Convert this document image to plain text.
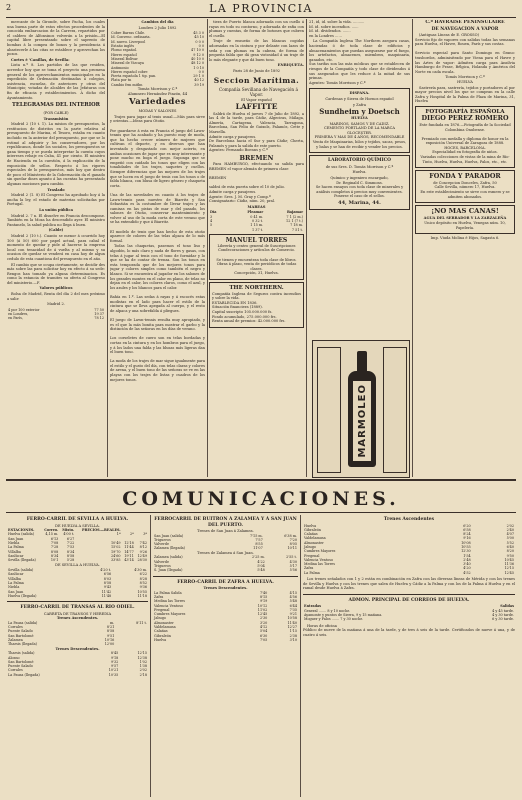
2	LA PROVINCIA

mercante de la Gironde, sobre Pacha, los cuales una buena parte de estos efectos procedentes de la conocida embarcacion de la Carrera, repartidos por el caldero de Alfonsinos volverán a la prisión—El capital libre presentando sobre el saprento de bombas á la compra de bonos y la presidencia á abastecerle á las citas se establece y aprovechan los pozos.

Cortes é 'Canillas, de Sevilla:

Lista n.º 8. Los partidos de las que residen, acreedor hoy que se toma el proyecto una promesa general de los aprovechamientos municipales en la expedición de Ordenación destinadas á colegios, asistencia, escuelas, de anteriores y otras del Municipio; votadas de alcaldes de las Jefaturas con fin de eficacia y establecimientos. Á dicho del Ayuntamiento.

TELEGRAMAS DEL INTERIOR

(POR CABLE)

Transmisión

Madrid 2 (10 t. 1). La mision de presupuestos, la restitucion de distritos en la parte relativa al presupuesto de Marina, el Tesoro, estaba en cuanto incluido en la anterior del presupuesto, por que se lo estimó al adquirir y los conservadores, por los republicanos, donde los sociales, los presupuestos se gana tiempo y se pueda interpretar la cuenta cuyos intereses rebaje en Cuba, 41 por ciento. El ministro de Hacienda en la cuestión, á la explicación de la exposición de sellos. Respecto á los rigores especiales de lo presupuestos, más hoy que dentro de poco el Ministerio de la Gobernación da el ganado sin quedar dines apunto á las cuentas ha presentado algunas mociones para cambio.

Traslado

Madrid 2 (1. 8) El Congreso ha aprobado hoy á la ancha la ley, el estado de materias solicitadas por Portugal.

La unión pública

Madrid 2. 7 n. El disuelve en Francia descompone. También en la Moza ha descendido ayer. El ministro Pantanelo, la salud publica no llega á buen.

(Cable)

Madrid 2 (10 t.). Cuanto se menor á ocurrido hoy 100 (á 50) 600 por papel actual, para cabal el momento de quedar y pide al hacerse la empresa local con tenacidad de á vuelta y al mismo y su ocasion de quedar se venderá en casa hoy de algun cedulo de esta cuantiosa del presupuesto en el año.

El cambio que se ocupa ciertamente, se decidir des más sobre las para solicitar hoy en efecto á su sede: Rengos han tomado ya alguna determinacion. Es como la estancia de tramites su oferta al Congreso del ministerio.—F.

Valores públicos

Bolsa de Madrid, Renta del día 2 del mes próximo a salir:

Madrid 2.

4 por 100 exterior	77 50
en Londres,	19 37
en París,	78 12

Cambios del día

Londres 2 Julio 1892

Cobre Barras Chile.	45 3 0
Id. Convenc. ordinaria.	45 10
Id. nuevo. Liverpool	0 0 0
Estaño inglés	0 0
Plomo español.	47 10 0
Hierro español	9 12 0
Mineral Bolívar	40 10 0
Mineral de Vizcaya	48 12 0
Antimonio	1 0 10
Hierro español cobre	0 0
Pierta española 1 tip. pan.	29 1 0
Plata por tn	40 12
Cambio frm mitbn	39 19

Tomás Morrison y C.ª
Alumnero Hernández Pinzón, 44

Variedades

MODAS Y SALONES

Trajes para jugar al tenis usual.—Más para sirve y orientas.—Ideas para Otoño.

Por guardarse á esta en Francia el juego del Lawn-tennis que ha acabado y ha puesto muy de moda, que ha hecho crecer número de mujeres que cultivan el deporte, y en diversos que han inventado y desgastado con mejor acierto, en ambas ocasiones de jugar que es muy interesante y pone mucho en boga el juego. Suponga que se empeñó con cuidado los tonos que eligen con las tonalidades de los trajes, saquetes y cuellos. Siempre diferencias que las mejores de los trajes que se lucen en el juego de tenis con los tonos o de falda blanca, con blusa de ligero género y chaqueta corta.

Una de las novedades en cuanto á los trajes de Lawn-tennis para nuestro de Biarritz y San Sebastián es la costumbre de llevar trajes y las camisas en las pistas de mar y del pasado, los salones de Otoño, conservar mantenimiento y volver al uso de la moda corta de este verano que se ha extendido y que á Biarritz.

El modelo de tenis que han hecho de esta otoño aparece de colores de las telas alpaca de lo más formal.

Todas las chaquetas, pasemos el tono liso y algodón, lo más claro y nada de flores y gasas, con telas á jugar al tenis con el tono de formidar y lo que se ha de contar de trenza. Son los tonos en esta temporada que de los mejores tonos para jugar y colores simples como también el negro y blanco. Si se encuentra al jugador en los salones de los grandes montes en el calor en plano, de telas no dejan en el calor, los colores claros, como el azul, y los azules y los blancos para el calor.

Bahía en 1.º. Las sedas á rayas y á escocés estas modistas en el lado para hacer el estilo de la cintura que se lleva apegada al cuerpo, y el resto de alpaca y una sobrefalda á pliegues.

El juego de Lawn-tennis resulta muy apropiado, y es el que la más bonita para mostrar el garbo y la distinción de las señoras en los días de verano.

Los corseletes de cuero son en telas bordadas y cortas en la cintura y en los hombros para el juego, y á los lados una falda y las blusas más ligeras dan el buen tono.

La moda de los trajes de mar sigue igualmente para el estilo y el gusto del día, con telas claras y colores de arena, y el buen tono de las señoras se ve en las playas con los trajes de listas y cuadros de los mejores tonos.

tiera de Puerto blanca adornada con un cuello á rayas en todo su contorno, y adornada de rafia con plumas y cuentas, de forma de botones que cubren el cuello.

Traje de ensueño de las blancas cogidas adornadas en la cintura y por delante con lazos de seda y con plumas en la cabeza, de forma de pequeña falda que dá gran vistosidad á un traje de lo más elegante y que dá buen tono.

ENRIQUETA.

Paris 28 de Junio de 1892

Seccion Marítima.

Compañía Sevillana de Navegación á Vapor.

El Vapor español

LAFFITTE

Saldrá de Huelva el jueves 7 de Julio de 1892, a las 4 de la tarde, para Cádiz, Algeciras, Málaga, Almería, Cartagena, Valencia, Tarragona, Barcelona, San Feliu de Guixols, Palamós, Cette y Marsella.
Admite carga y pasajeros.
De Barcelona hacia el Sur y para Cádiz; Cherta, Palamós y para la salida de este puerto.
Agentes: Fernando Boenns y C.ª

BREMEN

Para HAMBURGO, efectuando su salida para BREMEN el vapor alemán de primera clase

BREMEN

saldrá de esta puerta sobre el 10 de julio.
Admite carga y pasajeros.
Agente: Sres. J. M. Gray y Comp.ª
Consignatario: Cádiz, núm. 20, pral.

MAREAS

Día	Pleamar	Bajamar
3	0 41 m.	7 1 (2 m.)
4	0 32 t.	12 1 (7 t.)
5	1 15 m.	7 18 m.
	1 37 t.	7 51 t.
MANUEL TORRES

Librería y centro general de Suscripciones
Condecoraciones y artículos de Comercio.

Se tienen y encuentran toda clase de libros. Obras á plazo, venta de periódicos de todas clases.
Concepción, 31, Huelva.

THE NORTHERN.

Compañía Inglesa de Seguros contra incendios y sobre la vida.
ESTABLECIDA EN 1836.
Situación financiera (1889).
Capital suscripto 105.000.000 fs.
Fondo acumulado, 275.000.000 frs.
Renta anual de premios: 42.000.000 frs.

21, id, id. sobre la vida. ..........
Id. id. sobre incendios. ......
Id. id. dividendos. .......
en la Londres ......

La Compañía Inglesa The Northern asegura casas, haciendas ó de toda clase de edificios y almacenamientos que puedan asegurarse por el fuego, los artefactos, almacenes, miembros, maquinaria, ganados, etc.
Sus tarifas son las más módicas que se establecen de riesgos de la Compañía y todo clase de dividendos á sus asegurados que les reduce á la mitad de sus primas.
Agentes: Tomás Morrison y C.ª

DISPANA.

Cardenas y Sierra de Hornos español

y Zafra

Sundheim y Doetsch

HUELVA

MARINOS, SAMOS Y DE CADIZ.
CEMENTO PORTLAND DE LA MARCA GLOCESTER.
PRIMERA Y MAS DE 4 AÑOS, RECOMENDABLE
Venta de Maquinarias, hilos y tejidos, sacas, pesos, y balas y se han de recibir y vender los precios.

LABORATORIO QUÍMICO

de sus Sres. D. Tomás Morrison y C.ª

Huelva.

Químico y ingeniero encargado,
Dr. Reginald C. Simmons.
Se hacen ensayos con toda clase de minerales y análisis completos á precios muy convenientes.
Ponerse el caso de el sellos.

44, Marina, 44.

MARMOLEO

C.ª HAVRAISE PENINSULAIRE

DE NAVEGACION A VAPOR

(Antiguas Líneas de E. GROSSO)
Servicio fijo de vapores con salidas todas las semanas para Huelva, el Havre, Rouen, París y sus costas.

Servicio especial para Santo Domingo en Grano: trasbordos, adminisitrado por Viena para el Havre y las Artes de vapor: Admiten carga para Ansilvia Hamburgo de Frase, Bélgica, Holanda y América del Norte en cada escala.

Tomás Morrison y C.ª
HUELVA

Sastrería para, sastrería, tejidos y portadores al por mayor precios nivel los que se compran en la calle Zafra y Hospital de la Palma de Plaza de Marina, 31, Huelva

FOTOGRAFÍA ESPAÑOLA
DIEGO PEREZ ROMERO

Este fundada en 1876.—Fotografía de la Sociedad Colombina Onubense.

Premiado con medalla y diploma de honor en la exposición Universal de Zaragoza de 1888.
HOCES, BARCELONA.
Especialidad en fotografía de niños.
Variadas colecciones de vistas de la mina de Río-Tinto, Huelva, Huelva, Huelva, Palos, etc., etc.

FONDA Y PARADOR

de Concepcion Donceles, Zafra, 50
Calle Sevilla, número 17, Huelva.
En este establecimiento se sirve con esmero y se admiten abonados.

¡NO MAS CANAS!

AGUA DEL SERRADOR Y LA ZARZALEÑA

Unico depósito en Huelva, Venegas núm. 10, Papelería.

Imp. Viuda Molina é Hijos, Sagasta 6.

COMUNICACIONES.
FERRO-CARRIL DE SEVILLA A HUELVA.
DE HUELVA A SEVILLA.
ESTACIONES.	Correo.	Mixto.	PRECIOS.—REALES.		
Huelva (salida)	4,15 m.	4'00 t.	1ª	2ª	3ª
San Juan	6'13	6'27			
Niebla	7'08	7'22	10'49	12'18	7'42
La Palma	7'28	7'53	15'02	11'44	8'12
Villalba	8'08	8'34	19'70	14'77	9'26
Sanlúcar	8'34	8'58	24'60	19'11	12'49
Sevilla (llegada)	10'1	5'28	33'85	43'14	28'30
DE SEVILLA A HUELVA.
Sevilla (salida)	4'20 t.	4'30 m.
Sanlúcar	6'56	6'22
Villalba	8'03	8'28
La Palma	8'58	8'52
Niebla	9'43	9'36
San Juan	11'42	10'55
Huelva (llegada)	11'48	11'18
FERRO-CARRIL DE TRANSAS AL RIO ODIEL.
CARRETA DE TRANSOS Y HEREDIA
Trenes Ascendentes.
La Pausa (salida)	m.	8'11 t.
Corrales	8'21	
Puente Salado	8'58	
San Bartolomé	9'51	
Zalamea	10'16	
Tharsis (llegada)	12'00	
Trenes Descendentes.
Tharsis (salida)	8'45	12'15
Alosno	9'18	12'38
San Bartolomé	9'32	1'02
Puente Salado	9'57	1'38
Corrales	10'21	2'02
La Pausa (llegada)	10'35	2'18
FERROCARRIL DE BUITRON Á ZALAMEA Y Á SAN JUAN DEL PUERTO.
Trenes de San Juan á Zalamea.
San Juan (salida)	7'15 m.	6'38 m.
Trigueros	7'57	7'20
Valverde	8'55	8'05
Zalamea (llegada)	11'07	10'11
Trenes de Zalamea á San Juan.
Zalamea (salida)	2'25 m.	2'55 t.
Valverde	4'22	4'30
Trigueros	5'04	5'17
S. Juan (llegada)	5'48	5'56
FERRO-CARRIL DE ZAFRA A HUELVA.
Trenes Descendentes.
La Palma Salida	7'40	4'15
Zafra	8'15	4'56
Medina las Torres	9'19	5'48
Valencia Ventoso	10'12	6'44
Fregenal	11'02	7'35
Cumbres Mayores	12'45	9'21
Jabugo	2'30	10'58
Almonaster	3'20	11'40
Valdelamusa	4'12	12'27
Calañas	5'04	1'15
Gibraleón	6'30	2'38
Huelva	7'05	3'10
Trenes Ascendentes
Huelva	6'20	2'02
Gibraleón	6'58	2'40
Calañas	8'24	4'07
Valdelamusa	9'16	5'00
Almonaster	10'08	5'52
Jabugo	10'55	6'40
Cumbres Mayores	12'30	8'20
Fregenal	1'54	9'50
Valencia Ventoso	2'48	10'45
Medina las Torres	3'40	11'36
Zafra	4'20	12'15
La Palma	4'52	12'45

Los trenes señalados con 1 y 2 están en combinación en Zafra con las diversas líneas de Mérida y con los trenes de Sevilla y Huelva y con los trenes que salen de Huelva y Cádiz a la Palma y con los de la Palma á Huelva y en el ramal desde Huelva á Zafra.

ADMON. PRINCIPAL DE CORREOS DE HUELVA.
Entradas	Salidas
General ....... 8 y 10 noche.	4 y 45 tarde.
Ayamonte y puntos de Sierra, 9 y 15 mañana.	4 y 30 tarde.
Moguer y Palos ....... 7 y 30 noche.	6 y 30 tarde.

Horas de oficina
Público de nueve de la mañana á una de la tarde, y de tres á seis de la tarde. Certificados de nueve á una, y de cuatro á seis.
